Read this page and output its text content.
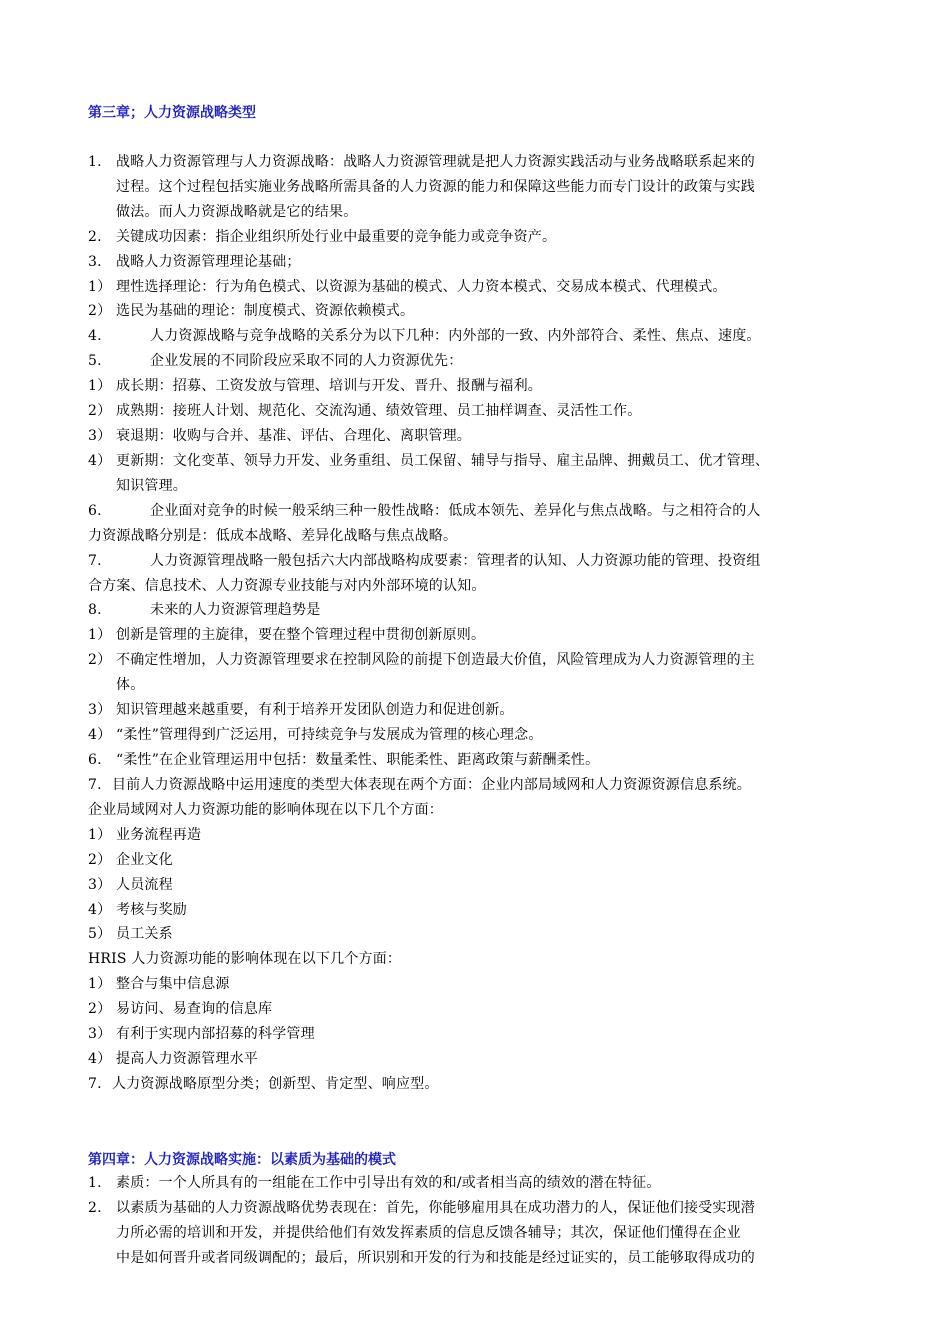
第三章；人力资源战略类型
1. 战略人力资源管理与人力资源战略：战略人力资源管理就是把人力资源实践活动与业务战略联系起来的
过程。这个过程包括实施业务战略所需具备的人力资源的能力和保障这些能力而专门设计的政策与实践
做法。而人力资源战略就是它的结果。
2. 关键成功因素：指企业组织所处行业中最重要的竞争能力或竞争资产。
3. 战略人力资源管理理论基础；
1） 理性选择理论：行为角色模式、以资源为基础的模式、人力资本模式、交易成本模式、代理模式。
2） 选民为基础的理论：制度模式、资源依赖模式。
4.	人力资源战略与竞争战略的关系分为以下几种：内外部的一致、内外部符合、柔性、焦点、速度。
5.	企业发展的不同阶段应采取不同的人力资源优先：
1） 成长期：招募、工资发放与管理、培训与开发、晋升、报酬与福利。
2） 成熟期：接班人计划、规范化、交流沟通、绩效管理、员工抽样调查、灵活性工作。
3） 衰退期：收购与合并、基准、评估、合理化、离职管理。
4） 更新期：文化变革、领导力开发、业务重组、员工保留、辅导与指导、雇主品牌、拥戴员工、优才管理、
知识管理。
6.	企业面对竞争的时候一般采纳三种一般性战略：低成本领先、差异化与焦点战略。与之相符合的人
力资源战略分别是：低成本战略、差异化战略与焦点战略。
7.	人力资源管理战略一般包括六大内部战略构成要素：管理者的认知、人力资源功能的管理、投资组
合方案、信息技术、人力资源专业技能与对内外部环境的认知。
8.	未来的人力资源管理趋势是
1） 创新是管理的主旋律，要在整个管理过程中贯彻创新原则。
2） 不确定性增加，人力资源管理要求在控制风险的前提下创造最大价值，风险管理成为人力资源管理的主
体。
3） 知识管理越来越重要，有利于培养开发团队创造力和促进创新。
4） “柔性”管理得到广泛运用，可持续竞争与发展成为管理的核心理念。
6. “柔性”在企业管理运用中包括：数量柔性、职能柔性、距离政策与薪酬柔性。
7. 目前人力资源战略中运用速度的类型大体表现在两个方面：企业内部局域网和人力资源资源信息系统。
企业局域网对人力资源功能的影响体现在以下几个方面：
1） 业务流程再造
2） 企业文化
3） 人员流程
4） 考核与奖励
5） 员工关系
HRIS 人力资源功能的影响体现在以下几个方面：
1） 整合与集中信息源
2） 易访问、易查询的信息库
3） 有利于实现内部招募的科学管理
4） 提高人力资源管理水平
7. 人力资源战略原型分类；创新型、肯定型、响应型。
第四章：人力资源战略实施：以素质为基础的模式
1. 素质：一个人所具有的一组能在工作中引导出有效的和/或者相当高的绩效的潜在特征。
2. 以素质为基础的人力资源战略优势表现在：首先，你能够雇用具在成功潜力的人，保证他们接受实现潜
力所必需的培训和开发，并提供给他们有效发挥素质的信息反馈各辅导；其次，保证他们懂得在企业
中是如何晋升或者同级调配的；最后，所识别和开发的行为和技能是经过证实的，员工能够取得成功的
